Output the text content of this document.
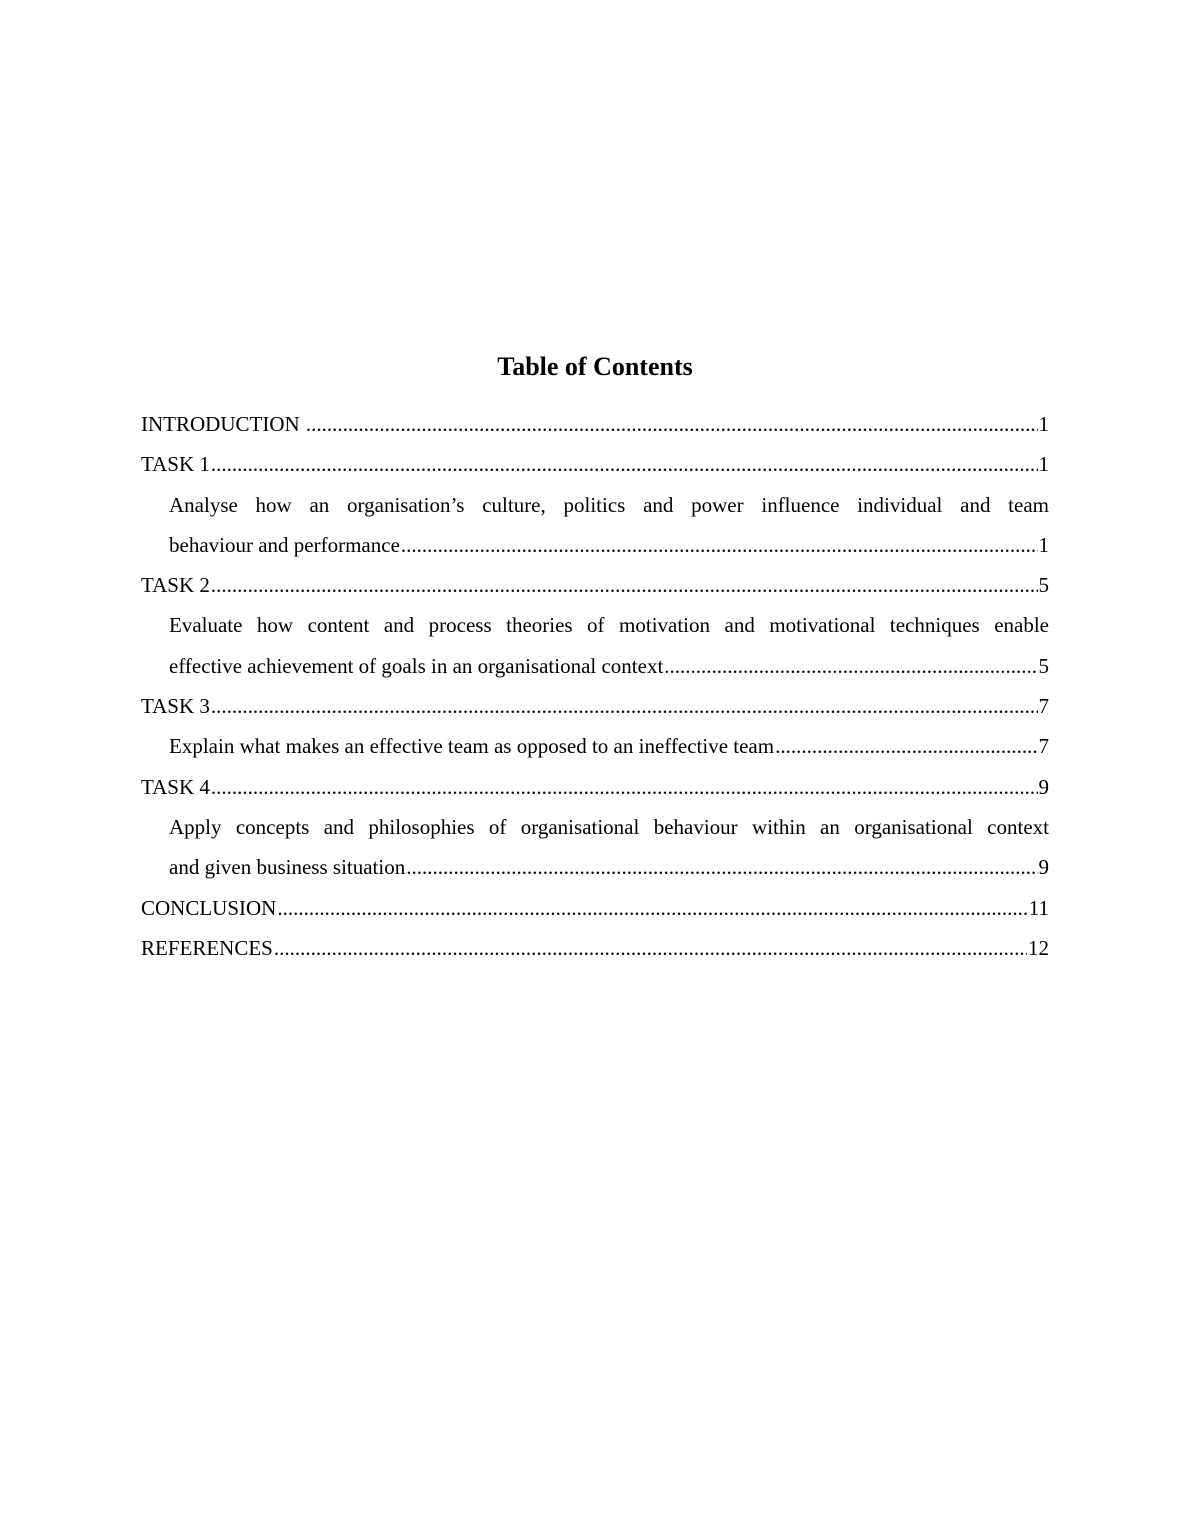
Table of Contents
INTRODUCTION .....	1
TASK 1 .....	1
Analyse how an organisation’s culture, politics and power influence individual and team
behaviour and performance .....	1
TASK 2 .....	5
Evaluate how content and process theories of motivation and motivational techniques enable
effective achievement of goals in an organisational context .....	5
TASK 3 .....	7
Explain what makes an effective team as opposed to an ineffective team .....	7
TASK 4 .....	9
Apply concepts and philosophies of organisational behaviour within an organisational context
and given business situation .....	9
CONCLUSION .....	11
REFERENCES .....	12
